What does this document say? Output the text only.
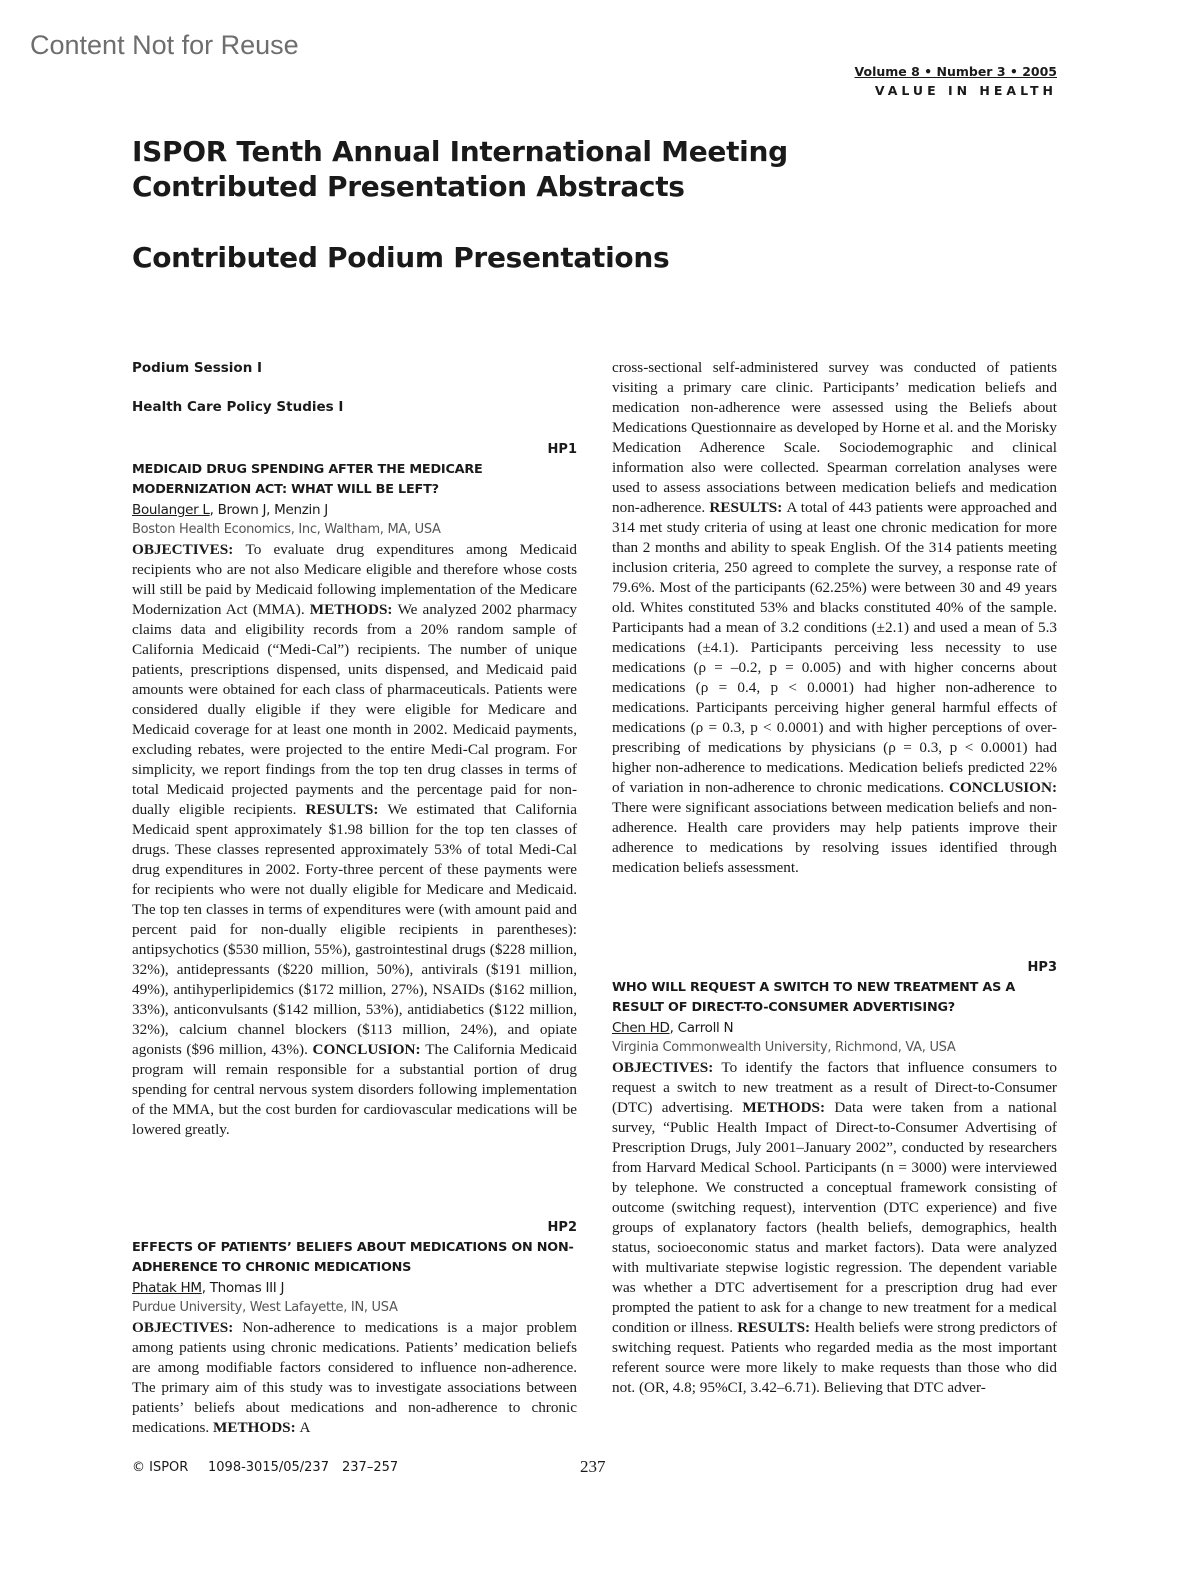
Content Not for Reuse
Volume 8 • Number 3 • 2005
VALUE IN HEALTH
ISPOR Tenth Annual International Meeting
Contributed Presentation Abstracts
Contributed Podium Presentations
Podium Session I
Health Care Policy Studies I
HP1
MEDICAID DRUG SPENDING AFTER THE MEDICARE MODERNIZATION ACT: WHAT WILL BE LEFT?
Boulanger L, Brown J, Menzin J
Boston Health Economics, Inc, Waltham, MA, USA
OBJECTIVES: To evaluate drug expenditures among Medicaid recipients who are not also Medicare eligible and therefore whose costs will still be paid by Medicaid following implementation of the Medicare Modernization Act (MMA). METHODS: We analyzed 2002 pharmacy claims data and eligibility records from a 20% random sample of California Medicaid (“Medi-Cal”) recipients. The number of unique patients, prescriptions dispensed, units dispensed, and Medicaid paid amounts were obtained for each class of pharmaceuticals. Patients were considered dually eligible if they were eligible for Medicare and Medicaid coverage for at least one month in 2002. Medicaid payments, excluding rebates, were projected to the entire Medi-Cal program. For simplicity, we report findings from the top ten drug classes in terms of total Medicaid projected payments and the percentage paid for non-dually eligible recipients. RESULTS: We estimated that California Medicaid spent approximately $1.98 billion for the top ten classes of drugs. These classes represented approximately 53% of total Medi-Cal drug expenditures in 2002. Forty-three percent of these payments were for recipients who were not dually eligible for Medicare and Medicaid. The top ten classes in terms of expenditures were (with amount paid and percent paid for non-dually eligible recipients in parentheses): antipsychotics ($530 million, 55%), gastrointestinal drugs ($228 million, 32%), antidepressants ($220 million, 50%), antivirals ($191 million, 49%), antihyperlipidemics ($172 million, 27%), NSAIDs ($162 million, 33%), anticonvulsants ($142 million, 53%), antidiabetics ($122 million, 32%), calcium channel blockers ($113 million, 24%), and opiate agonists ($96 million, 43%). CONCLUSION: The California Medicaid program will remain responsible for a substantial portion of drug spending for central nervous system disorders following implementation of the MMA, but the cost burden for cardiovascular medications will be lowered greatly.
HP2
EFFECTS OF PATIENTS’ BELIEFS ABOUT MEDICATIONS ON NON-ADHERENCE TO CHRONIC MEDICATIONS
Phatak HM, Thomas III J
Purdue University, West Lafayette, IN, USA
OBJECTIVES: Non-adherence to medications is a major problem among patients using chronic medications. Patients’ medication beliefs are among modifiable factors considered to influence non-adherence. The primary aim of this study was to investigate associations between patients’ beliefs about medications and non-adherence to chronic medications. METHODS: A
cross-sectional self-administered survey was conducted of patients visiting a primary care clinic. Participants’ medication beliefs and medication non-adherence were assessed using the Beliefs about Medications Questionnaire as developed by Horne et al. and the Morisky Medication Adherence Scale. Sociodemographic and clinical information also were collected. Spearman correlation analyses were used to assess associations between medication beliefs and medication non-adherence. RESULTS: A total of 443 patients were approached and 314 met study criteria of using at least one chronic medication for more than 2 months and ability to speak English. Of the 314 patients meeting inclusion criteria, 250 agreed to complete the survey, a response rate of 79.6%. Most of the participants (62.25%) were between 30 and 49 years old. Whites constituted 53% and blacks constituted 40% of the sample. Participants had a mean of 3.2 conditions (±2.1) and used a mean of 5.3 medications (±4.1). Participants perceiving less necessity to use medications (ρ = –0.2, p = 0.005) and with higher concerns about medications (ρ = 0.4, p < 0.0001) had higher non-adherence to medications. Participants perceiving higher general harmful effects of medications (ρ = 0.3, p < 0.0001) and with higher perceptions of over-prescribing of medications by physicians (ρ = 0.3, p < 0.0001) had higher non-adherence to medications. Medication beliefs predicted 22% of variation in non-adherence to chronic medications. CONCLUSION: There were significant associations between medication beliefs and non-adherence. Health care providers may help patients improve their adherence to medications by resolving issues identified through medication beliefs assessment.
HP3
WHO WILL REQUEST A SWITCH TO NEW TREATMENT AS A RESULT OF DIRECT-TO-CONSUMER ADVERTISING?
Chen HD, Carroll N
Virginia Commonwealth University, Richmond, VA, USA
OBJECTIVES: To identify the factors that influence consumers to request a switch to new treatment as a result of Direct-to-Consumer (DTC) advertising. METHODS: Data were taken from a national survey, “Public Health Impact of Direct-to-Consumer Advertising of Prescription Drugs, July 2001–January 2002”, conducted by researchers from Harvard Medical School. Participants (n = 3000) were interviewed by telephone. We constructed a conceptual framework consisting of outcome (switching request), intervention (DTC experience) and five groups of explanatory factors (health beliefs, demographics, health status, socioeconomic status and market factors). Data were analyzed with multivariate stepwise logistic regression. The dependent variable was whether a DTC advertisement for a prescription drug had ever prompted the patient to ask for a change to new treatment for a medical condition or illness. RESULTS: Health beliefs were strong predictors of switching request. Patients who regarded media as the most important referent source were more likely to make requests than those who did not. (OR, 4.8; 95%CI, 3.42–6.71). Believing that DTC adver-
© ISPOR 1098-3015/05/237 237–257	237
